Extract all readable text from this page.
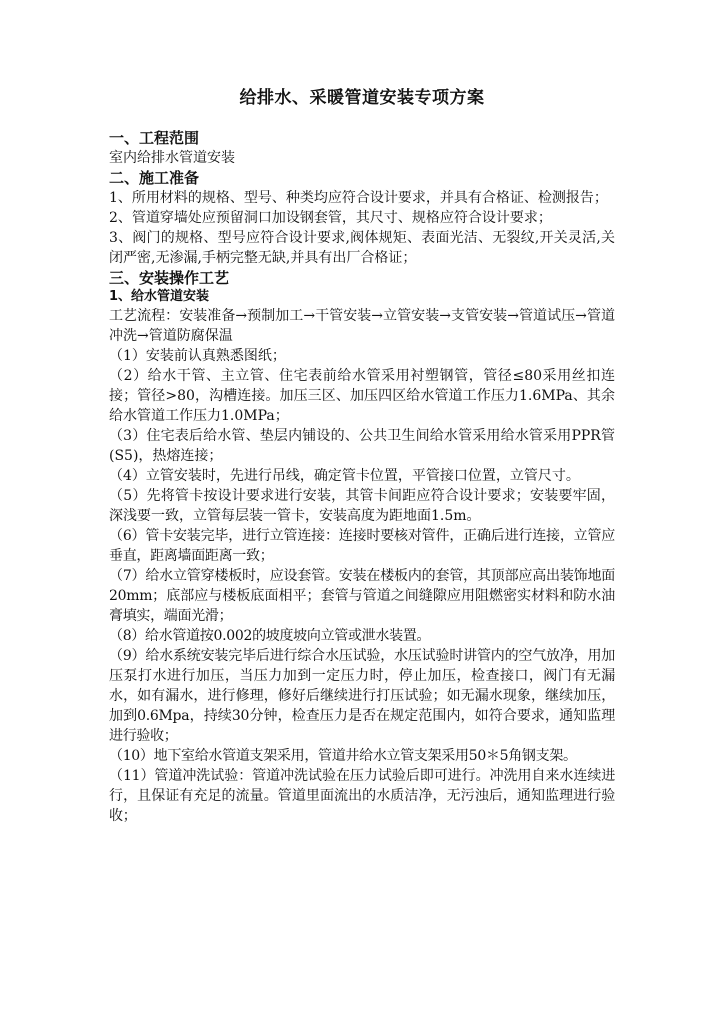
给排水、采暖管道安装专项方案
一、工程范围
室内给排水管道安装
二、施工准备
1、所用材料的规格、型号、种类均应符合设计要求，并具有合格证、检测报告；
2、管道穿墙处应预留洞口加设钢套管，其尺寸、规格应符合设计要求；
3、阀门的规格、型号应符合设计要求,阀体规矩、表面光洁、无裂纹,开关灵活,关闭严密,无渗漏,手柄完整无缺,并具有出厂合格证；
三、安装操作工艺
1、给水管道安装
工艺流程：安装准备→预制加工→干管安装→立管安装→支管安装→管道试压→管道冲洗→管道防腐保温
（1）安装前认真熟悉图纸；
（2）给水干管、主立管、住宅表前给水管采用衬塑钢管，管径≤80采用丝扣连接；管径>80，沟槽连接。加压三区、加压四区给水管道工作压力1.6MPa、其余给水管道工作压力1.0MPa；
（3）住宅表后给水管、垫层内铺设的、公共卫生间给水管采用给水管采用PPR管(S5)，热熔连接；
（4）立管安装时，先进行吊线，确定管卡位置，平管接口位置，立管尺寸。
（5）先将管卡按设计要求进行安装，其管卡间距应符合设计要求；安装要牢固，深浅要一致，立管每层装一管卡，安装高度为距地面1.5m。
（6）管卡安装完毕，进行立管连接：连接时要核对管件，正确后进行连接，立管应垂直，距离墙面距离一致；
（7）给水立管穿楼板时，应设套管。安装在楼板内的套管，其顶部应高出装饰地面20mm；底部应与楼板底面相平；套管与管道之间缝隙应用阻燃密实材料和防水油膏填实，端面光滑；
（8）给水管道按0.002的坡度坡向立管或泄水装置。
（9）给水系统安装完毕后进行综合水压试验，水压试验时讲管内的空气放净，用加压泵打水进行加压，当压力加到一定压力时，停止加压，检查接口，阀门有无漏水，如有漏水，进行修理，修好后继续进行打压试验；如无漏水现象，继续加压，加到0.6Mpa，持续30分钟，检查压力是否在规定范围内，如符合要求，通知监理进行验收；
（10）地下室给水管道支架采用，管道井给水立管支架采用50＊5角钢支架。
（11）管道冲洗试验：管道冲洗试验在压力试验后即可进行。冲洗用自来水连续进行，且保证有充足的流量。管道里面流出的水质洁净，无污浊后，通知监理进行验收；
